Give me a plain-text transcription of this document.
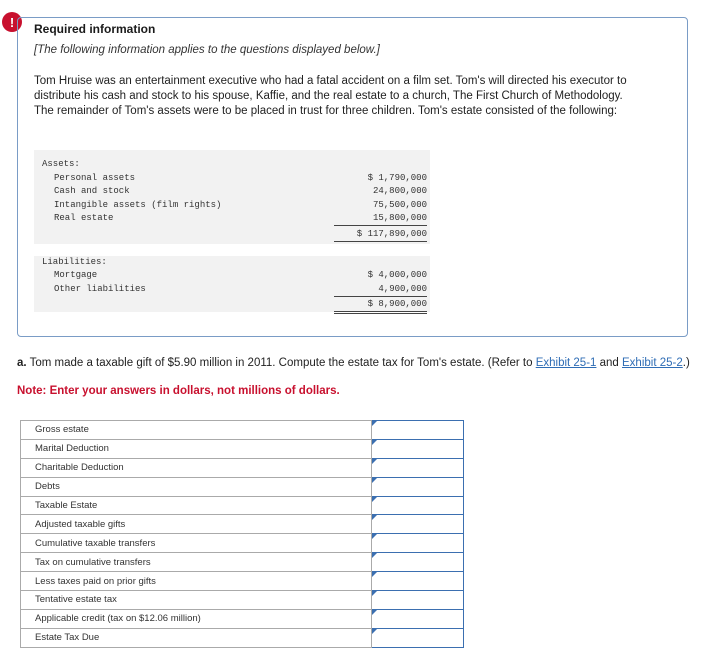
!	Required information
[The following information applies to the questions displayed below.]
Tom Hruise was an entertainment executive who had a fatal accident on a film set. Tom's will directed his executor to distribute his cash and stock to his spouse, Kaffie, and the real estate to a church, The First Church of Methodology. The remainder of Tom's assets were to be placed in trust for three children. Tom's estate consisted of the following:
Assets:
Personal assets	$ 1,790,000
Cash and stock	24,800,000
Intangible assets (film rights)	75,500,000
Real estate	15,800,000
$ 117,890,000
Liabilities:
Mortgage	$ 4,000,000
Other liabilities	4,900,000
$ 8,900,000
a. Tom made a taxable gift of $5.90 million in 2011. Compute the estate tax for Tom's estate. (Refer to Exhibit 25-1 and Exhibit 25-2.)
Note: Enter your answers in dollars, not millions of dollars.
Gross estate	
Marital Deduction	
Charitable Deduction	
Debts	
Taxable Estate	
Adjusted taxable gifts	
Cumulative taxable transfers	
Tax on cumulative transfers	
Less taxes paid on prior gifts	
Tentative estate tax	
Applicable credit (tax on $12.06 million)	
Estate Tax Due	
